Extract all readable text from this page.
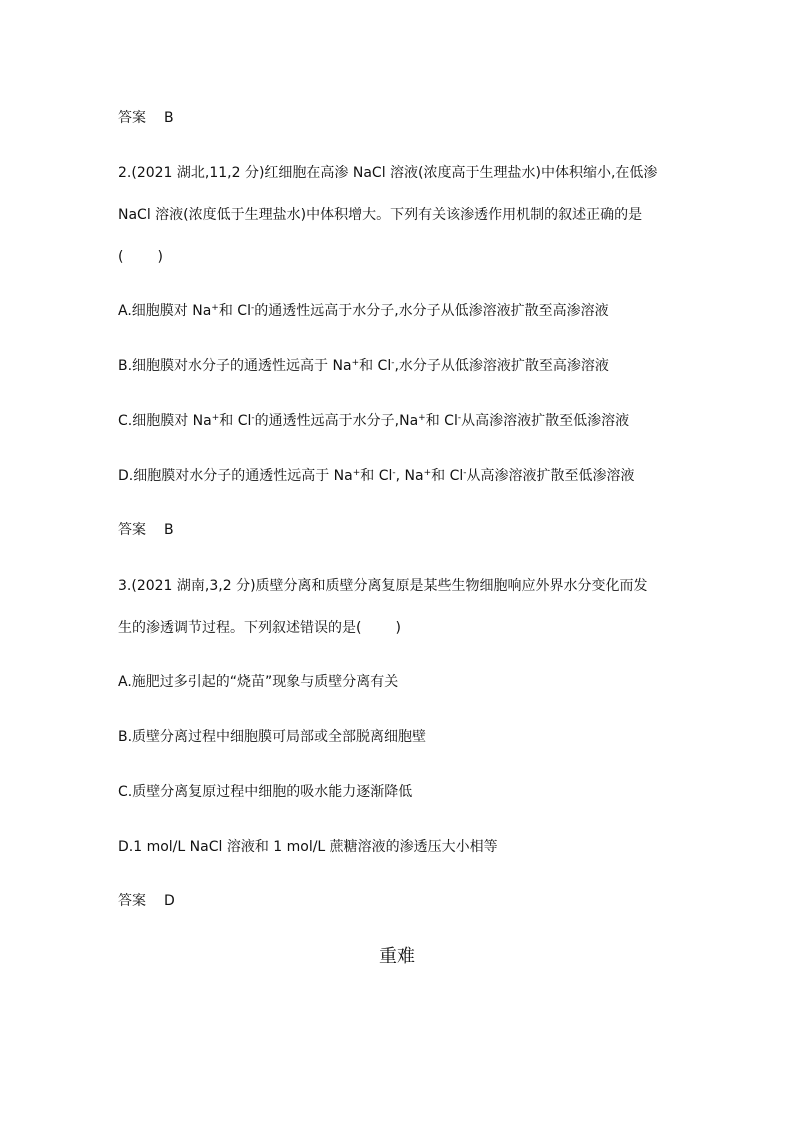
答案 B
2.(2021 湖北,11,2 分)红细胞在高渗 NaCl 溶液(浓度高于生理盐水)中体积缩小,在低渗
NaCl 溶液(浓度低于生理盐水)中体积增大。下列有关该渗透作用机制的叙述正确的是
( )
A.细胞膜对 Na+和 Cl-的通透性远高于水分子,水分子从低渗溶液扩散至高渗溶液
B.细胞膜对水分子的通透性远高于 Na+和 Cl-,水分子从低渗溶液扩散至高渗溶液
C.细胞膜对 Na+和 Cl-的通透性远高于水分子,Na+和 Cl-从高渗溶液扩散至低渗溶液
D.细胞膜对水分子的通透性远高于 Na+和 Cl-, Na+和 Cl-从高渗溶液扩散至低渗溶液
答案 B
3.(2021 湖南,3,2 分)质壁分离和质壁分离复原是某些生物细胞响应外界水分变化而发
生的渗透调节过程。下列叙述错误的是( )
A.施肥过多引起的“烧苗”现象与质壁分离有关
B.质壁分离过程中细胞膜可局部或全部脱离细胞壁
C.质壁分离复原过程中细胞的吸水能力逐渐降低
D.1 mol/L NaCl 溶液和 1 mol/L 蔗糖溶液的渗透压大小相等
答案 D
重难
